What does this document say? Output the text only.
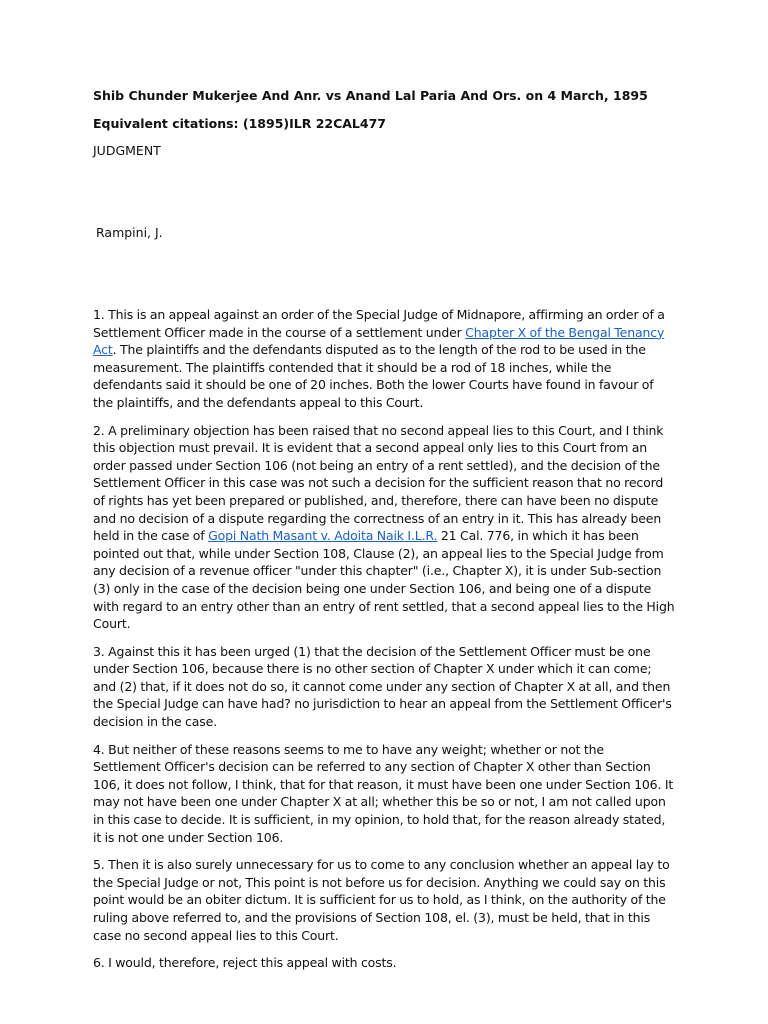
Shib Chunder Mukerjee And Anr. vs Anand Lal Paria And Ors. on 4 March, 1895

Equivalent citations: (1895)ILR 22CAL477

JUDGMENT

Rampini, J.

1. This is an appeal against an order of the Special Judge of Midnapore, affirming an order of a Settlement Officer made in the course of a settlement under Chapter X of the Bengal Tenancy Act. The plaintiffs and the defendants disputed as to the length of the rod to be used in the measurement. The plaintiffs contended that it should be a rod of 18 inches, while the defendants said it should be one of 20 inches. Both the lower Courts have found in favour of the plaintiffs, and the defendants appeal to this Court.

2. A preliminary objection has been raised that no second appeal lies to this Court, and I think this objection must prevail. It is evident that a second appeal only lies to this Court from an order passed under Section 106 (not being an entry of a rent settled), and the decision of the Settlement Officer in this case was not such a decision for the sufficient reason that no record of rights has yet been prepared or published, and, therefore, there can have been no dispute and no decision of a dispute regarding the correctness of an entry in it. This has already been held in the case of Gopi Nath Masant v. Adoita Naik I.L.R. 21 Cal. 776, in which it has been pointed out that, while under Section 108, Clause (2), an appeal lies to the Special Judge from any decision of a revenue officer "under this chapter" (i.e., Chapter X), it is under Sub-section (3) only in the case of the decision being one under Section 106, and being one of a dispute with regard to an entry other than an entry of rent settled, that a second appeal lies to the High Court.

3. Against this it has been urged (1) that the decision of the Settlement Officer must be one under Section 106, because there is no other section of Chapter X under which it can come; and (2) that, if it does not do so, it cannot come under any section of Chapter X at all, and then the Special Judge can have had? no jurisdiction to hear an appeal from the Settlement Officer's decision in the case.

4. But neither of these reasons seems to me to have any weight; whether or not the Settlement Officer's decision can be referred to any section of Chapter X other than Section 106, it does not follow, I think, that for that reason, it must have been one under Section 106. It may not have been one under Chapter X at all; whether this be so or not, I am not called upon in this case to decide. It is sufficient, in my opinion, to hold that, for the reason already stated, it is not one under Section 106.

5. Then it is also surely unnecessary for us to come to any conclusion whether an appeal lay to the Special Judge or not, This point is not before us for decision. Anything we could say on this point would be an obiter dictum. It is sufficient for us to hold, as I think, on the authority of the ruling above referred to, and the provisions of Section 108, el. (3), must be held, that in this case no second appeal lies to this Court.

6. I would, therefore, reject this appeal with costs.
